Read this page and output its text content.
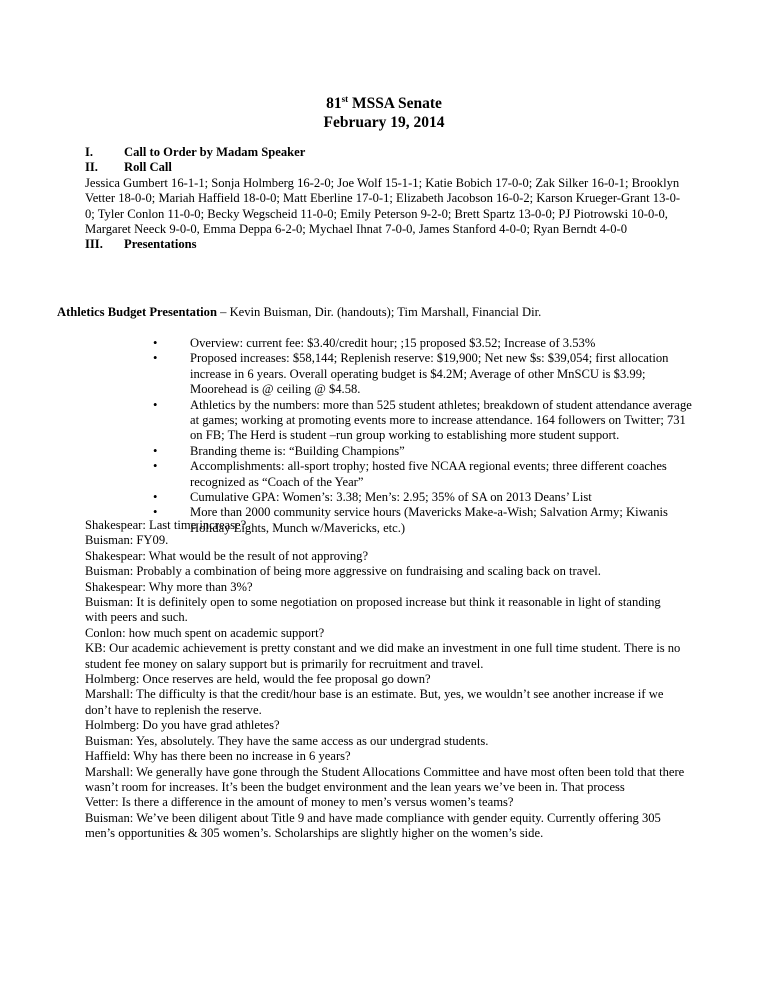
81st MSSA Senate
February 19, 2014
I.	Call to Order by Madam Speaker
II.	Roll Call

Jessica Gumbert 16-1-1; Sonja Holmberg 16-2-0; Joe Wolf 15-1-1; Katie Bobich 17-0-0; Zak Silker 16-0-1; Brooklyn Vetter 18-0-0; Mariah Haffield 18-0-0; Matt Eberline 17-0-1; Elizabeth Jacobson 16-0-2; Karson Krueger-Grant 13-0-0; Tyler Conlon 11-0-0; Becky Wegscheid 11-0-0; Emily Peterson 9-2-0; Brett Spartz 13-0-0; PJ Piotrowski 10-0-0, Margaret Neeck 9-0-0, Emma Deppa 6-2-0; Mychael Ihnat 7-0-0, James Stanford 4-0-0; Ryan Berndt 4-0-0

III.	Presentations
Athletics Budget Presentation – Kevin Buisman, Dir. (handouts); Tim Marshall, Financial Dir.
•	Overview: current fee: $3.40/credit hour; ;15 proposed $3.52; Increase of 3.53%
•	Proposed increases: $58,144; Replenish reserve: $19,900; Net new $s: $39,054; first allocation increase in 6 years. Overall operating budget is $4.2M; Average of other MnSCU is $3.99; Moorehead is @ ceiling @ $4.58.
•	Athletics by the numbers: more than 525 student athletes; breakdown of student attendance average at games; working at promoting events more to increase attendance. 164 followers on Twitter; 731 on FB; The Herd is student –run group working to establishing more student support.
•	Branding theme is: “Building Champions”
•	Accomplishments: all-sport trophy; hosted five NCAA regional events; three different coaches recognized as “Coach of the Year”
•	Cumulative GPA: Women’s: 3.38; Men’s: 2.95; 35% of SA on 2013 Deans’ List
•	More than 2000 community service hours (Mavericks Make-a-Wish; Salvation Army; Kiwanis Holiday Lights, Munch w/Mavericks, etc.)

Shakespear: Last time increase?

Buisman: FY09.

Shakespear: What would be the result of not approving?

Buisman: Probably a combination of being more aggressive on fundraising and scaling back on travel.

Shakespear: Why more than 3%?

Buisman: It is definitely open to some negotiation on proposed increase but think it reasonable in light of standing with peers and such.

Conlon: how much spent on academic support?

KB: Our academic achievement is pretty constant and we did make an investment in one full time student. There is no student fee money on salary support but is primarily for recruitment and travel.

Holmberg: Once reserves are held, would the fee proposal go down?

Marshall: The difficulty is that the credit/hour base is an estimate. But, yes, we wouldn’t see another increase if we don’t have to replenish the reserve.

Holmberg: Do you have grad athletes?

Buisman: Yes, absolutely. They have the same access as our undergrad students.

Haffield: Why has there been no increase in 6 years?

Marshall: We generally have gone through the Student Allocations Committee and have most often been told that there wasn’t room for increases. It’s been the budget environment and the lean years we’ve been in. That process

Vetter: Is there a difference in the amount of money to men’s versus women’s teams?

Buisman: We’ve been diligent about Title 9 and have made compliance with gender equity. Currently offering 305 men’s opportunities & 305 women’s. Scholarships are slightly higher on the women’s side.
